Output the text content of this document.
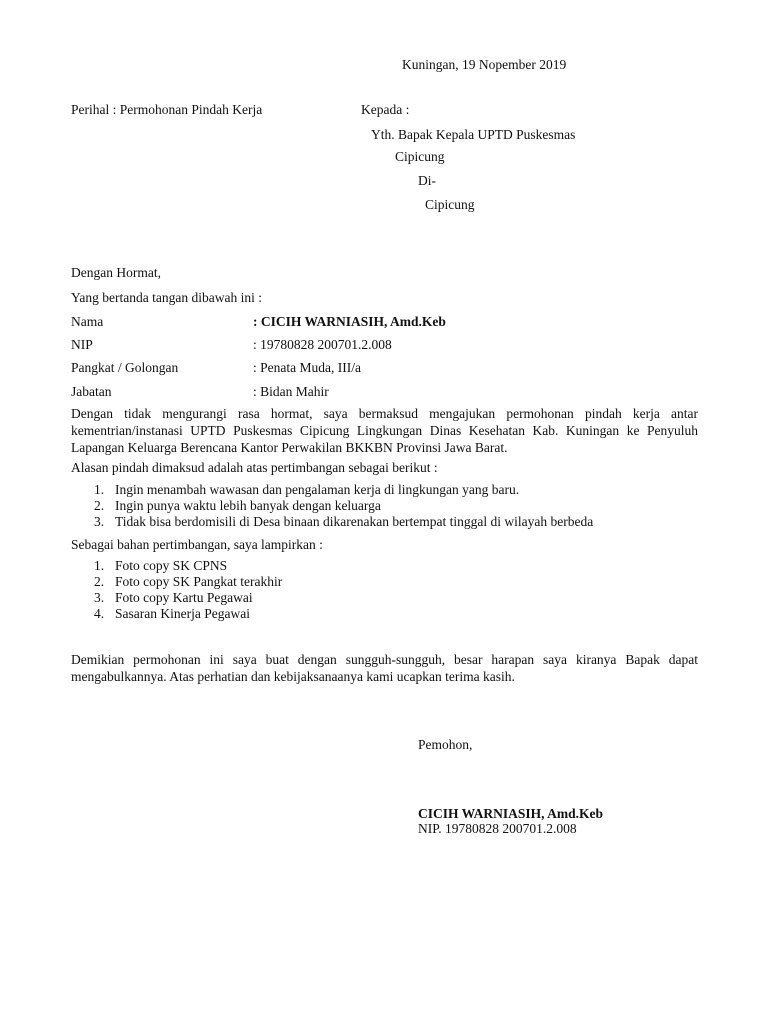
Kuningan, 19 Nopember 2019
Perihal : Permohonan Pindah Kerja	Kepada :
Yth. Bapak Kepala UPTD Puskesmas
Cipicung
Di-
Cipicung
Dengan Hormat,
Yang bertanda tangan dibawah ini :
Nama	: CICIH WARNIASIH, Amd.Keb
NIP	: 19780828 200701.2.008
Pangkat / Golongan	: Penata Muda, III/a
Jabatan	: Bidan Mahir
Dengan tidak mengurangi rasa hormat, saya bermaksud mengajukan permohonan pindah kerja antar kementrian/instanasi UPTD Puskesmas Cipicung Lingkungan Dinas Kesehatan Kab. Kuningan ke Penyuluh Lapangan Keluarga Berencana Kantor Perwakilan BKKBN Provinsi Jawa Barat.
Alasan pindah dimaksud adalah atas pertimbangan sebagai berikut :
1. Ingin menambah wawasan dan pengalaman kerja di lingkungan yang baru.
2. Ingin punya waktu lebih banyak dengan keluarga
3. Tidak bisa berdomisili di Desa binaan dikarenakan bertempat tinggal di wilayah berbeda
Sebagai bahan pertimbangan, saya lampirkan :
1. Foto copy SK CPNS
2. Foto copy SK Pangkat terakhir
3. Foto copy Kartu Pegawai
4. Sasaran Kinerja Pegawai
Demikian permohonan ini saya buat dengan sungguh-sungguh, besar harapan saya kiranya Bapak dapat mengabulkannya. Atas perhatian dan kebijaksanaanya kami ucapkan terima kasih.
Pemohon,
CICIH WARNIASIH, Amd.Keb
NIP. 19780828 200701.2.008
